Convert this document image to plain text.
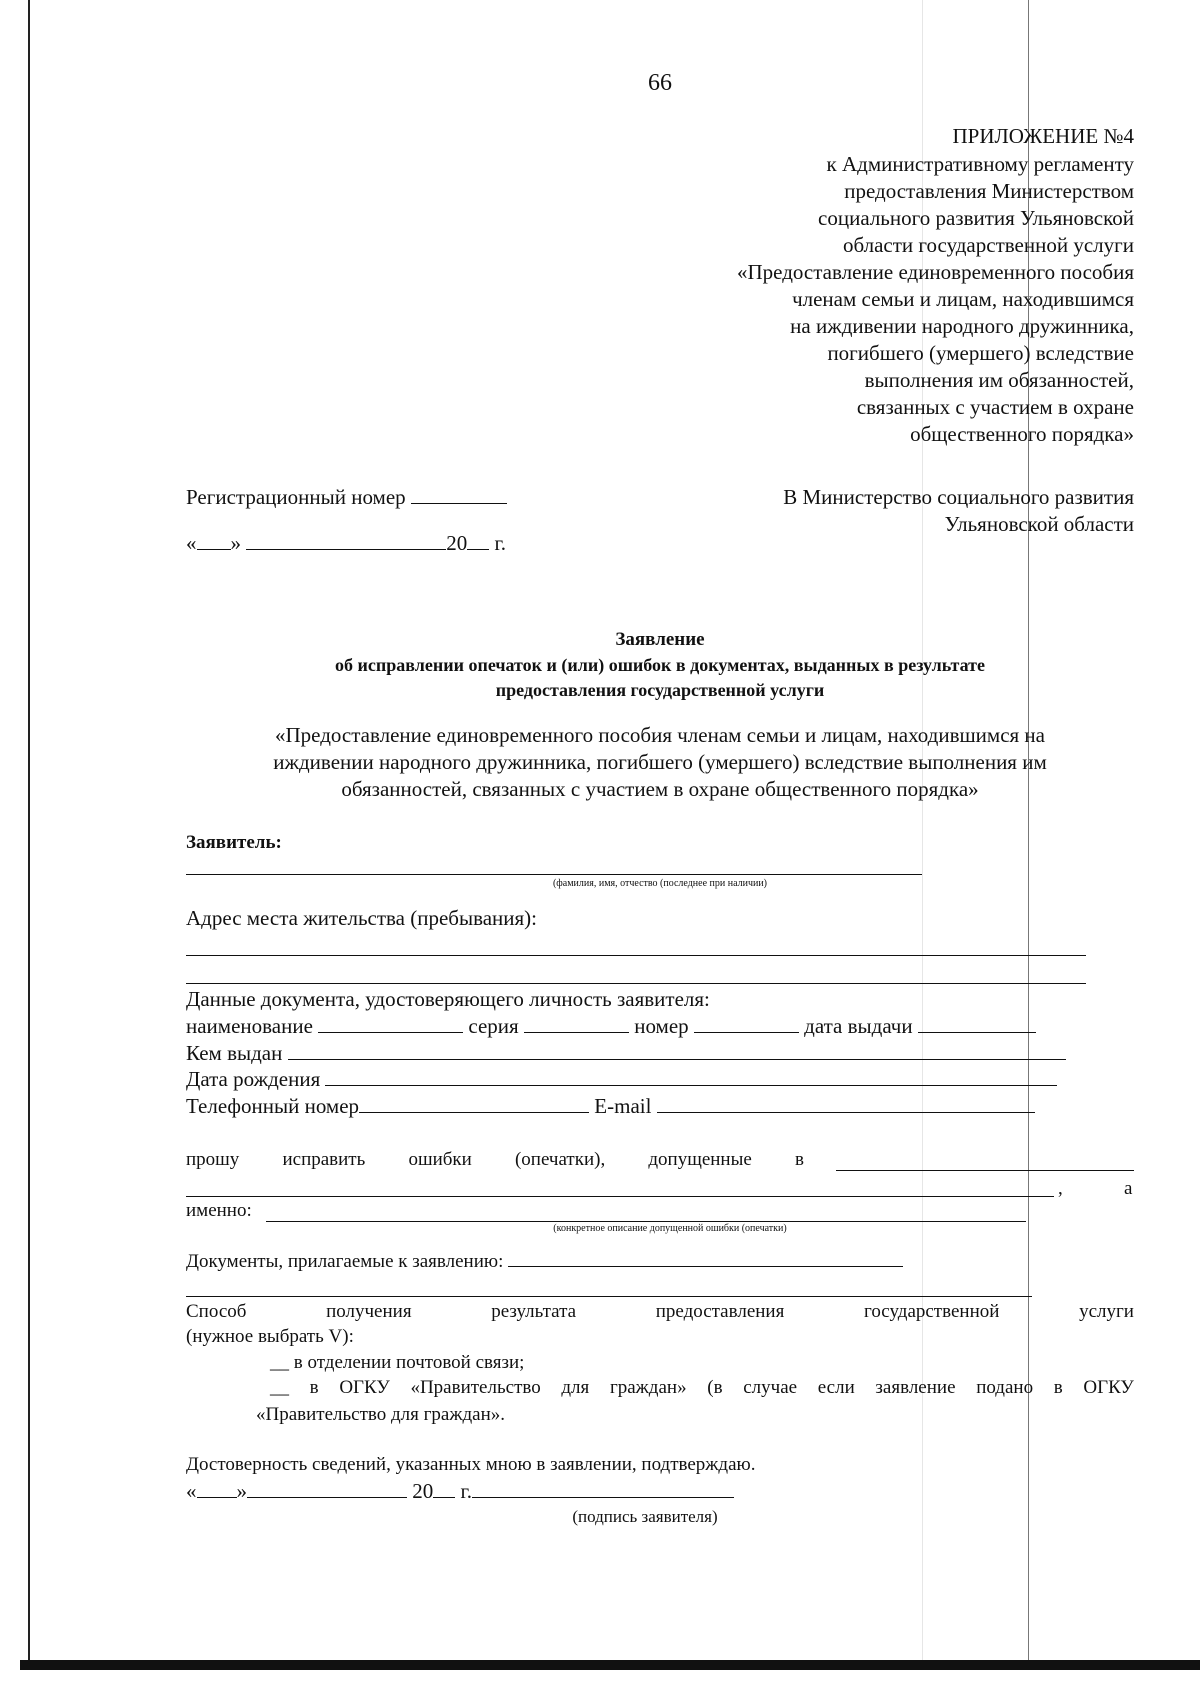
66
ПРИЛОЖЕНИЕ №4
к Административному регламенту
предоставления Министерством
социального развития Ульяновской
области государственной услуги
«Предоставление единовременного пособия
членам семьи и лицам, находившимся
на иждивении народного дружинника,
погибшего (умершего) вследствие
выполнения им обязанностей,
связанных с участием в охране
общественного порядка»
Регистрационный номер
« »	20 г.
В Министерство социального развития
Ульяновской области
Заявление
об исправлении опечаток и (или) ошибок в документах, выданных в результате
предоставления государственной услуги
«Предоставление единовременного пособия членам семьи и лицам, находившимся на
иждивении народного дружинника, погибшего (умершего) вследствие выполнения им
обязанностей, связанных с участием в охране общественного порядка»
Заявитель:
(фамилия, имя, отчество (последнее при наличии)
Адрес места жительства (пребывания):
Данные документа, удостоверяющего личность заявителя:
наименование	серия	номер	дата выдачи
Кем выдан
Дата рождения
Телефонный номер	E-mail
прошу исправить ошибки (опечатки), допущенные в
,	а
именно:
(конкретное описание допущенной ошибки (опечатки)
Документы, прилагаемые к заявлению:
Способ	получения	результата	предоставления	государственной	услуги
(нужное выбрать V):
__ в отделении почтовой связи;
__ в ОГКУ «Правительство для граждан» (в случае если заявление подано в ОГКУ
«Правительство для граждан».
Достоверность сведений, указанных мною в заявлении, подтверждаю.
« »	20 г.
(подпись заявителя)
